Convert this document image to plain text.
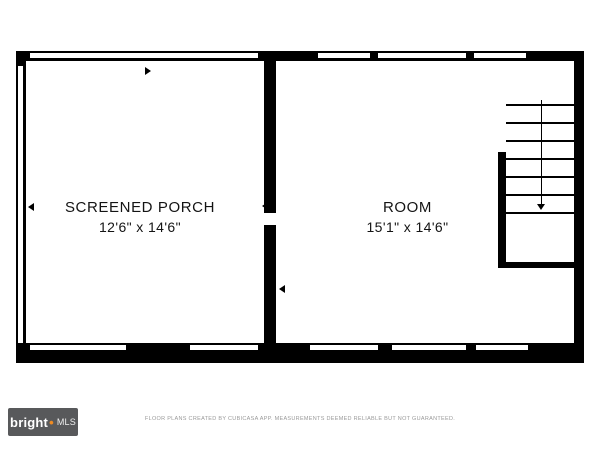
SCREENED PORCH
12'6" x 14'6"
ROOM
15'1" x 14'6"
bright • MLS	FLOOR PLANS CREATED BY CUBICASA APP. MEASUREMENTS DEEMED RELIABLE BUT NOT GUARANTEED.
